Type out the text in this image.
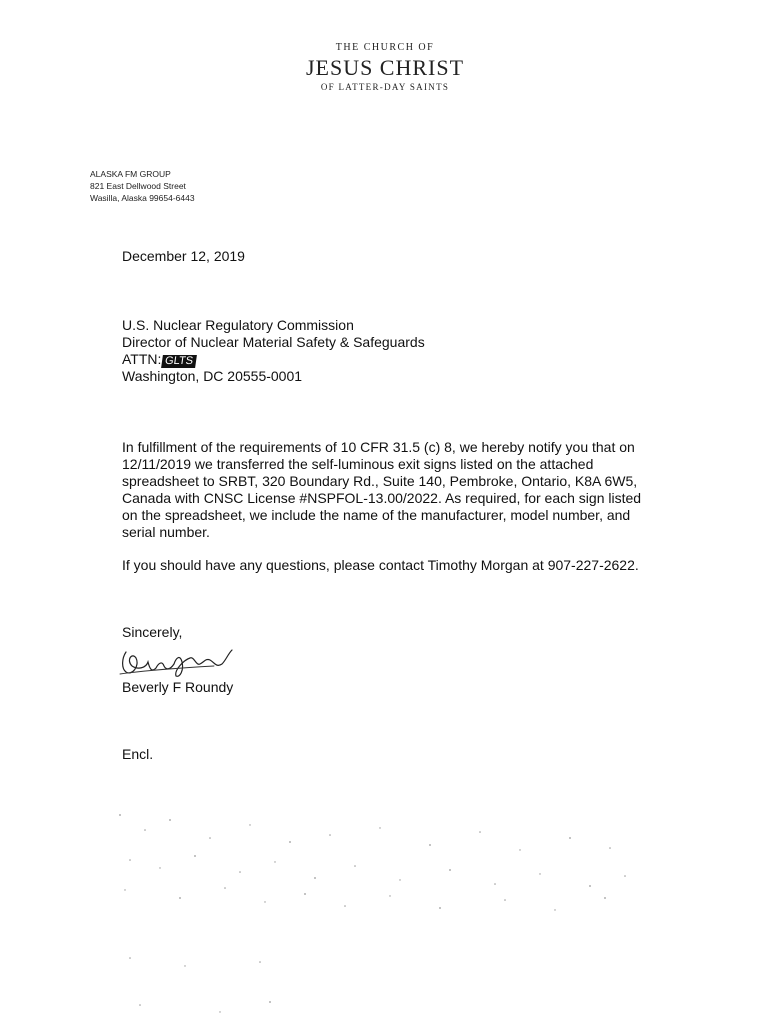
THE CHURCH OF
JESUS CHRIST
OF LATTER-DAY SAINTS
ALASKA FM GROUP
821 East Dellwood Street
Wasilla, Alaska 99654-6443
December 12, 2019
U.S. Nuclear Regulatory Commission
Director of Nuclear Material Safety & Safeguards
ATTN: GLTS
Washington, DC 20555-0001
In fulfillment of the requirements of 10 CFR 31.5 (c) 8, we hereby notify you that on 12/11/2019 we transferred the self-luminous exit signs listed on the attached spreadsheet to SRBT, 320 Boundary Rd., Suite 140, Pembroke, Ontario, K8A 6W5, Canada with CNSC License #NSPFOL-13.00/2022. As required, for each sign listed on the spreadsheet, we include the name of the manufacturer, model number, and serial number.
If you should have any questions, please contact Timothy Morgan at 907-227-2622.
Sincerely,
Beverly F Roundy
Encl.
